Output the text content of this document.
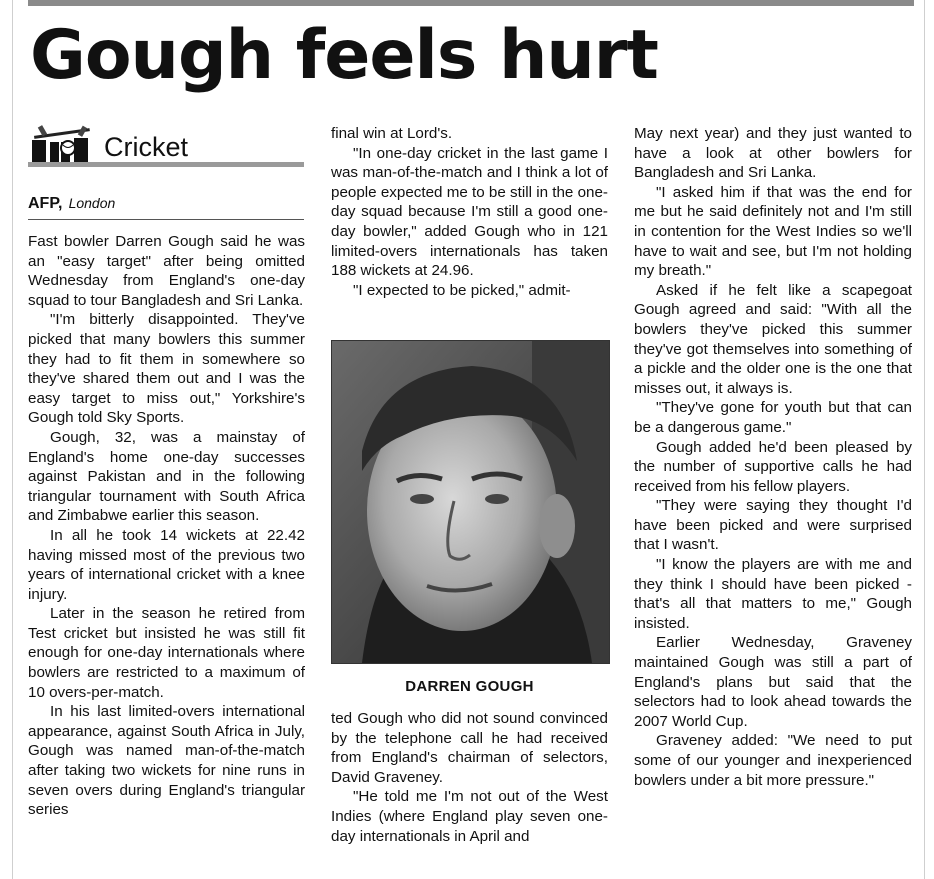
Gough feels hurt
Cricket
AFP, London

Fast bowler Darren Gough said he was an "easy target" after being omitted Wednesday from England's one-day squad to tour Bangladesh and Sri Lanka.

"I'm bitterly disappointed. They've picked that many bowlers this summer they had to fit them in somewhere so they've shared them out and I was the easy target to miss out," Yorkshire's Gough told Sky Sports.

Gough, 32, was a mainstay of England's home one-day successes against Pakistan and in the following triangular tournament with South Africa and Zimbabwe earlier this season.

In all he took 14 wickets at 22.42 having missed most of the previous two years of international cricket with a knee injury.

Later in the season he retired from Test cricket but insisted he was still fit enough for one-day internationals where bowlers are restricted to a maximum of 10 overs-per-match.

In his last limited-overs international appearance, against South Africa in July, Gough was named man-of-the-match after taking two wickets for nine runs in seven overs during England's triangular series

final win at Lord's.

"In one-day cricket in the last game I was man-of-the-match and I think a lot of people expected me to be still in the one-day squad because I'm still a good one-day bowler," added Gough who in 121 limited-overs internationals has taken 188 wickets at 24.96.

"I expected to be picked," admit-

DARREN GOUGH

ted Gough who did not sound convinced by the telephone call he had received from England's chairman of selectors, David Graveney.

"He told me I'm not out of the West Indies (where England play seven one-day internationals in April and

May next year) and they just wanted to have a look at other bowlers for Bangladesh and Sri Lanka.

"I asked him if that was the end for me but he said definitely not and I'm still in contention for the West Indies so we'll have to wait and see, but I'm not holding my breath."

Asked if he felt like a scapegoat Gough agreed and said: "With all the bowlers they've picked this summer they've got themselves into something of a pickle and the older one is the one that misses out, it always is.

"They've gone for youth but that can be a dangerous game."

Gough added he'd been pleased by the number of supportive calls he had received from his fellow players.

"They were saying they thought I'd have been picked and were surprised that I wasn't.

"I know the players are with me and they think I should have been picked - that's all that matters to me," Gough insisted.

Earlier Wednesday, Graveney maintained Gough was still a part of England's plans but said that the selectors had to look ahead towards the 2007 World Cup.

Graveney added: "We need to put some of our younger and inexperienced bowlers under a bit more pressure."
